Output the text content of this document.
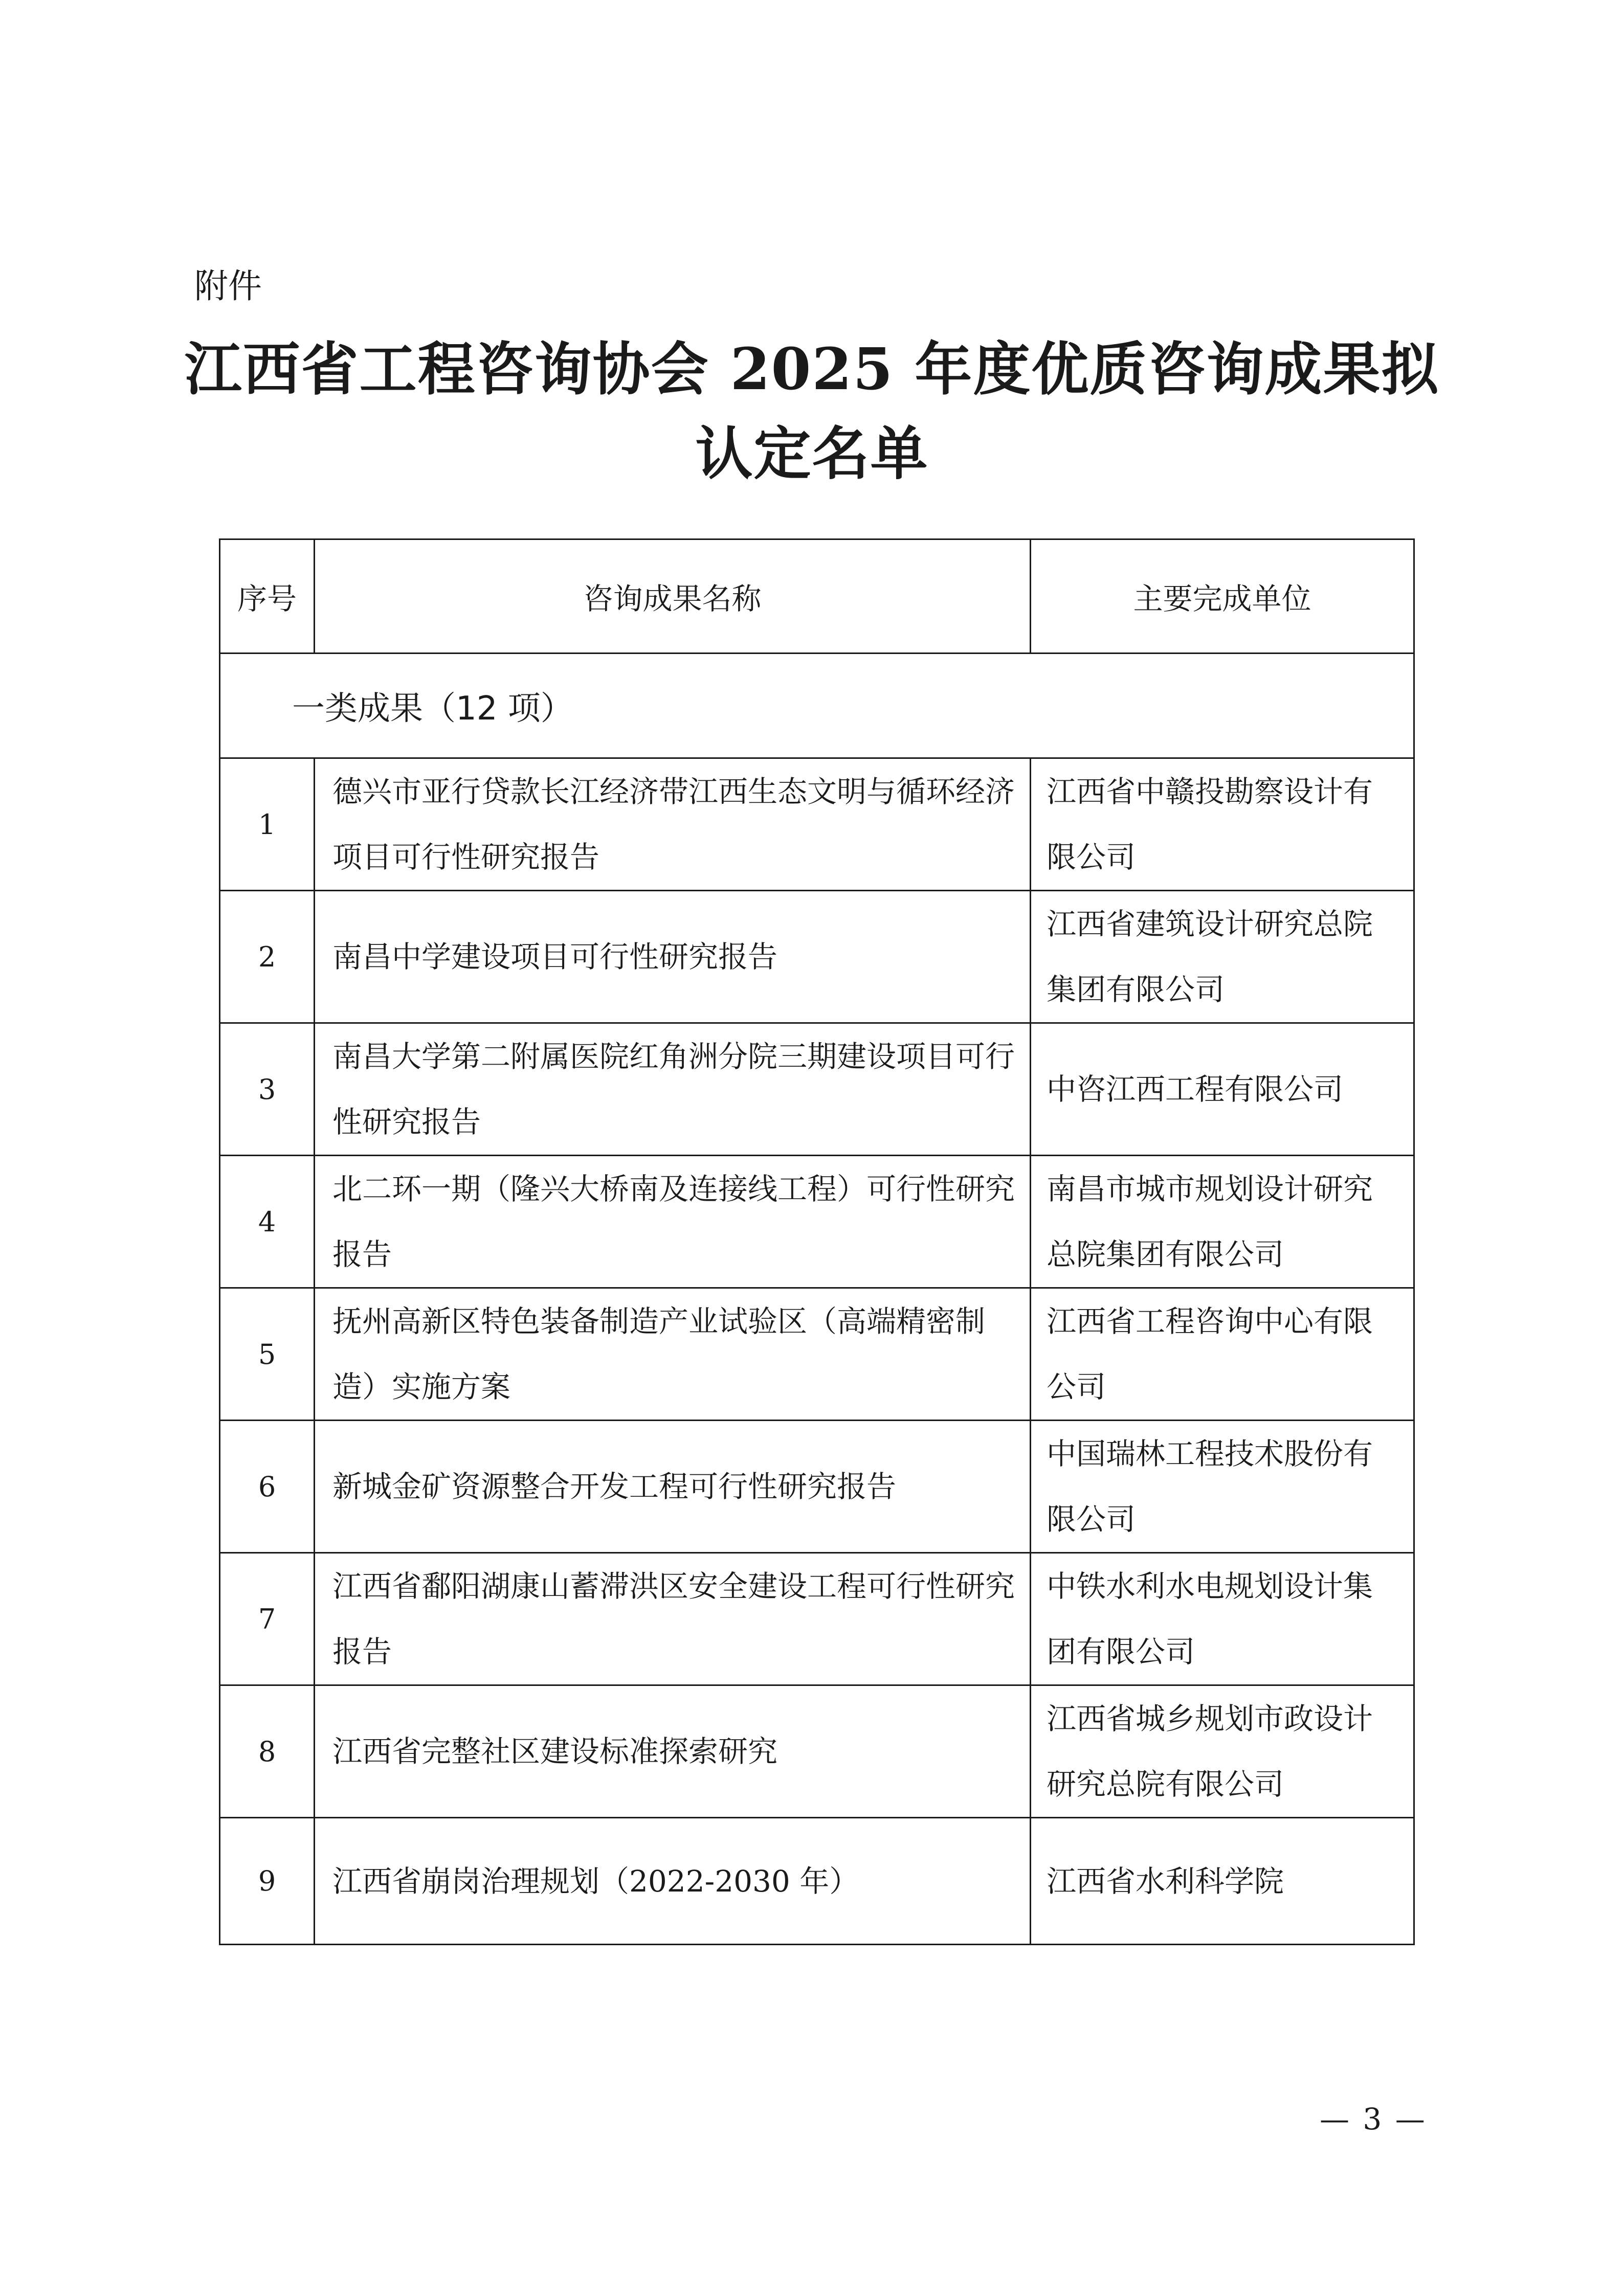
附件
江西省工程咨询协会 2025 年度优质咨询成果拟
认定名单
序号	咨询成果名称	主要完成单位
一类成果（12 项）		
1	德兴市亚行贷款长江经济带江西生态文明与循环经济项目可行性研究报告	江西省中赣投勘察设计有限公司
2	南昌中学建设项目可行性研究报告	江西省建筑设计研究总院集团有限公司
3	南昌大学第二附属医院红角洲分院三期建设项目可行性研究报告	中咨江西工程有限公司
4	北二环一期（隆兴大桥南及连接线工程）可行性研究报告	南昌市城市规划设计研究总院集团有限公司
5	抚州高新区特色装备制造产业试验区（高端精密制造）实施方案	江西省工程咨询中心有限公司
6	新城金矿资源整合开发工程可行性研究报告	中国瑞林工程技术股份有限公司
7	江西省鄱阳湖康山蓄滞洪区安全建设工程可行性研究报告	中铁水利水电规划设计集团有限公司
8	江西省完整社区建设标准探索研究	江西省城乡规划市政设计研究总院有限公司
9	江西省崩岗治理规划（2022-2030 年）	江西省水利科学院
— 3 —
